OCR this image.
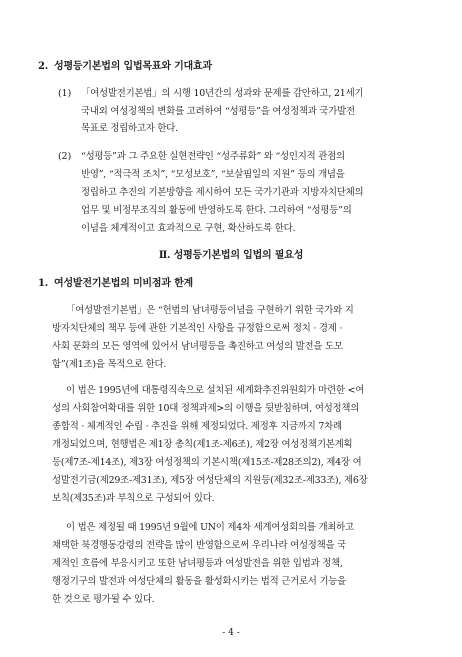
2. 성평등기본법의 입법목표와 기대효과
(1) 「여성발전기본법」의 시행 10년간의 성과와 문제를 감안하고, 21세기
국내외 여성정책의 변화를 고려하여 “성평등”을 여성정책과 국가발전
목표로 정립하고자 한다.
(2) “성평등”과 그 주요한 실현전략인 “성주류화” 와 “성인지적 관점의
반영”, “적극적 조치”, “모성보호”, “보살핌일의 지원” 등의 개념을
정립하고 추진의 기본방향을 제시하여 모든 국가기관과 지방자치단체의
업무 및 비정부조직의 활동에 반영하도록 한다. 그리하여 “성평등”의
이념을 체계적이고 효과적으로 구현, 확산하도록 한다.
Ⅱ. 성평등기본법의 입법의 필요성
1. 여성발전기본법의 미비점과 한계
「여성발전기본법」은 “헌법의 남녀평등이념을 구현하기 위한 국가와 지
방자치단체의 책무 등에 관한 기본적인 사항을 규정함으로써 정치 · 경제 ·
사회 문화의 모든 영역에 있어서 남녀평등을 촉진하고 여성의 발전을 도모
함”(제1조)을 목적으로 한다.
이 법은 1995년에 대통령직속으로 설치된 세계화추진위원회가 마련한 <여
성의 사회참여확대를 위한 10대 정책과제>의 이행을 뒷받침하며, 여성정책의
종합적 · 체계적인 수립 · 추진을 위해 제정되었다. 제정후 지금까지 7차례
개정되었으며, 현행법은 제1장 총칙(제1조-제6조), 제2장 여성정책기본계획
등(제7조-제14조), 제3장 여성정책의 기본시책(제15조-제28조의2), 제4장 여
성발전기금(제29조-제31조), 제5장 여성단체의 지원등(제32조-제33조), 제6장
보칙(제35조)과 부칙으로 구성되어 있다.
이 법은 제정될 때 1995년 9월에 UN이 제4차 세계여성회의를 개최하고
채택한 북경행동강령의 전략을 많이 반영함으로써 우리나라 여성정책을 국
제적인 흐름에 부응시키고 또한 남녀평등과 여성발전을 위한 입법과 정책,
행정기구의 발전과 여성단체의 활동을 활성화시키는 법적 근거로서 기능을
한 것으로 평가될 수 있다.
- 4 -
